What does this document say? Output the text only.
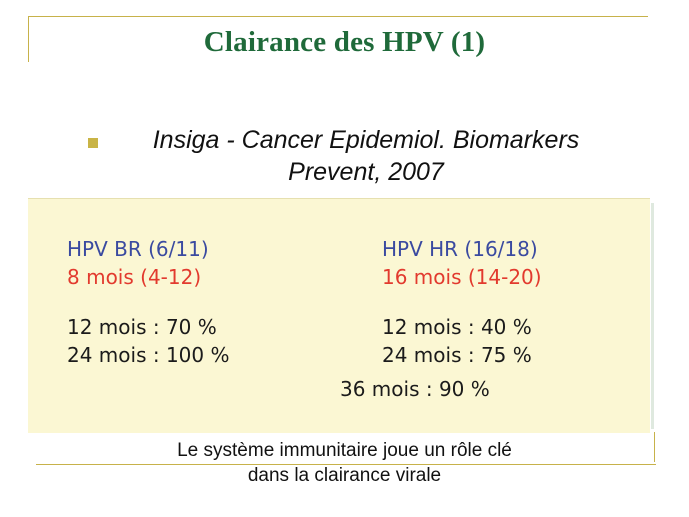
Clairance des HPV (1)
Insiga - Cancer Epidemiol. Biomarkers
Prevent, 2007
HPV BR (6/11)
8 mois (4-12)
12 mois : 70 %
24 mois : 100 %
HPV HR (16/18)
16 mois (14-20)
12 mois : 40 %
24 mois : 75 %
36 mois : 90 %
Le système immunitaire joue un rôle clé
dans la clairance virale
